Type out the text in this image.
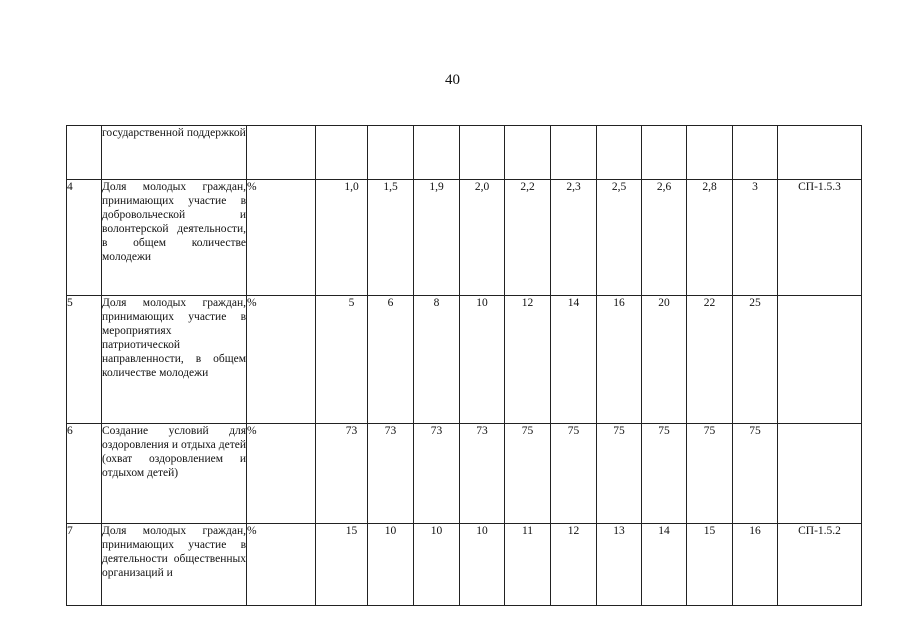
40
	государственной поддержкой												
4	Доля молодых граждан, принимающих участие в добровольческой и волонтерской деятельности, в общем количестве молодежи	%	1,0	1,5	1,9	2,0	2,2	2,3	2,5	2,6	2,8	3	СП-1.5.3
5	Доля молодых граждан, принимающих участие в мероприятиях патриотической направленности, в общем количестве молодежи	%	5	6	8	10	12	14	16	20	22	25	
6	Создание условий для оздоровления и отдыха детей (охват оздоровлением и отдыхом детей)	%	73	73	73	73	75	75	75	75	75	75	
7	Доля молодых граждан, принимающих участие в деятельности общественных организаций и	%	15	10	10	10	11	12	13	14	15	16	СП-1.5.2
